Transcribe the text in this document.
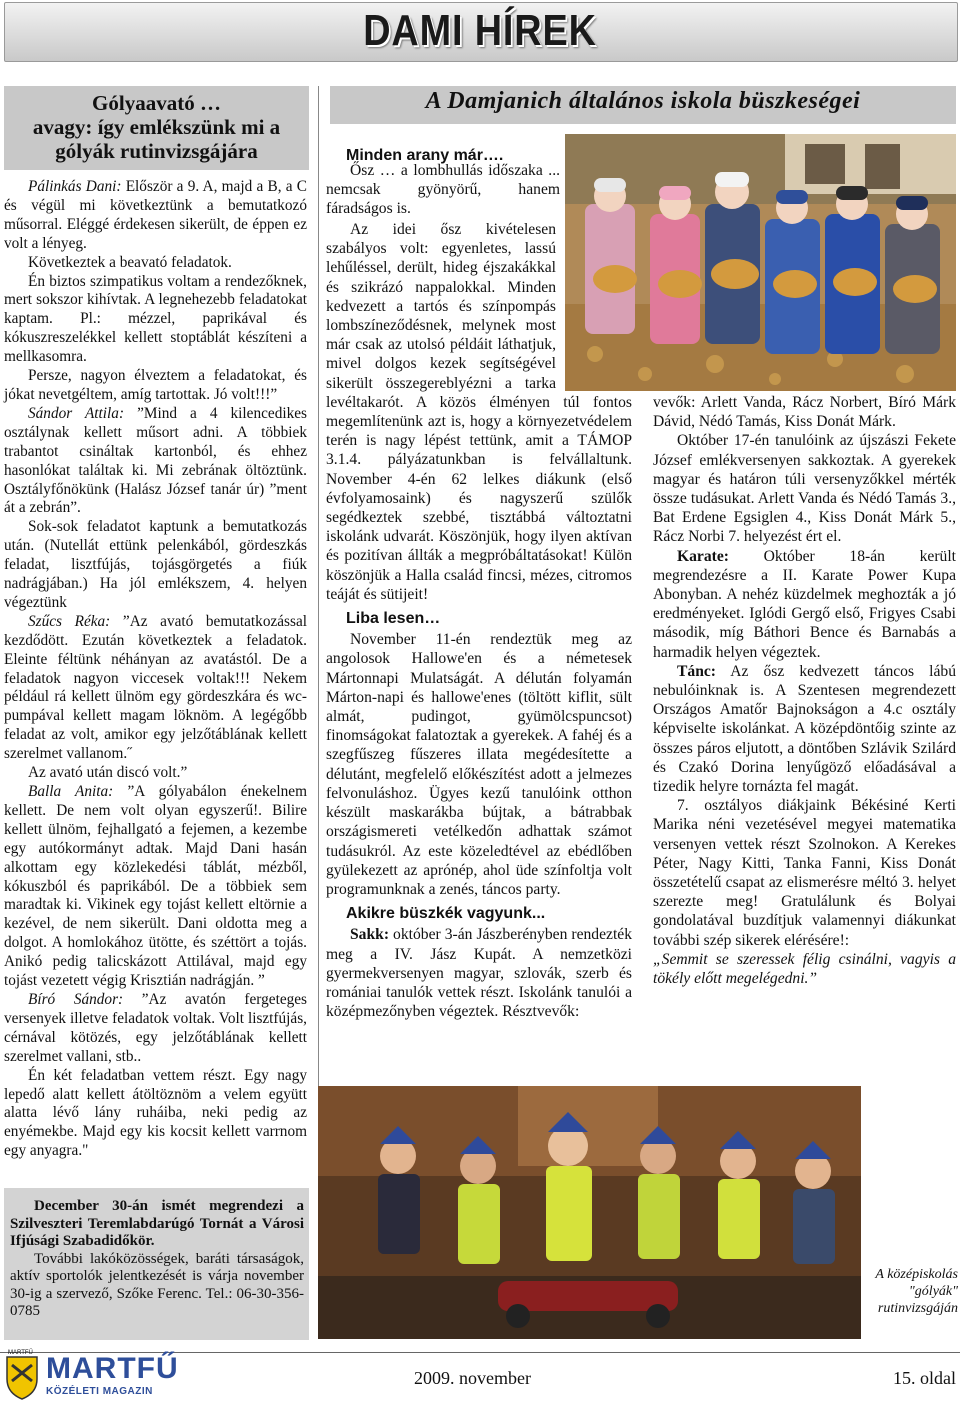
DAMI HÍREK
Gólyaavató …
avagy: így emlékszünk mi a
gólyák rutinvizsgájára

Pálinkás Dani: Először a 9. A, majd a B, a C és végül mi következtünk a bemutatkozó műsorral. Eléggé érdekesen sikerült, de éppen ez volt a lényeg.

Következtek a beavató feladatok.

Én biztos szimpatikus voltam a rendezőknek, mert sokszor kihívtak. A legnehezebb feladatokat kaptam. Pl.: mézzel, paprikával és kókuszreszelékkel kellett stoptáblát készíteni a mellkasomra.

Persze, nagyon élveztem a feladatokat, és jókat nevetgéltem, amíg tartottak. Jó volt!!!”

Sándor Attila: ”Mind a 4 kilencedikes osztálynak kellett műsort adni. A többiek trabantot csináltak kartonból, és ehhez hasonlókat találtak ki. Mi zebrának öltöztünk. Osztályfőnökünk (Halász József tanár úr) ”ment át a zebrán”.

Sok-sok feladatot kaptunk a bemutatkozás után. (Nutellát ettünk pelenkából, gördeszkás feladat, lisztfújás, tojásgörgetés a fiúk nadrágjában.) Ha jól emlékszem, 4. helyen végeztünk

Szűcs Réka: ”Az avató bemutatkozással kezdődött. Ezután következtek a feladatok. Eleinte féltünk néhányan az avatástól. De a feladatok nagyon viccesek voltak!!! Nekem például rá kellett ülnöm egy gördeszkára és wc-pumpával kellett magam löknöm. A legégőbb feladat az volt, amikor egy jelzőtáblának kellett szerelmet vallanom.˝

Az avató után discó volt.”

Balla Anita: ”A gólyabálon énekelnem kellett. De nem volt olyan egyszerű!. Bilire kellett ülnöm, fejhallgató a fejemen, a kezembe egy autókormányt adtak. Majd Dani hasán alkottam egy közlekedési táblát, mézből, kókuszból és paprikából. De a többiek sem maradtak ki. Vikinek egy tojást kellett eltörnie a kezével, de nem sikerült. Dani oldotta meg a dolgot. A homlokához ütötte, és széttört a tojás. Anikó pedig talicskázott Attilával, majd egy tojást vezetett végig Krisztián nadrágján. ”

Bíró Sándor: ”Az avatón fergeteges versenyek illetve feladatok voltak. Volt lisztfújás, cérnával kötözés, egy jelzőtáblának kellett szerelmet vallani, stb..

Én két feladatban vettem részt. Egy nagy lepedő alatt kellett átöltöznöm a velem együtt alatta lévő lány ruháiba, neki pedig az enyémekbe. Majd egy kis kocsit kellett varrnom egy anyagra."

December 30-án ismét megrendezi a Szilveszteri Teremlabdarúgó Tornát a Városi Ifjúsági Szabadidőkör.

További lakóközösségek, baráti társaságok, aktív sportolók jelentkezését is várja november 30-ig a szervező, Szőke Ferenc. Tel.: 06-30-356-0785

A Damjanich általános iskola büszkeségei

Minden arany már….

Ősz … a lombhullás időszaka ... nemcsak gyönyörű, hanem fáradságos is.

Az idei ősz kivételesen szabályos volt: egyenletes, lassú lehűléssel, derült, hideg éjszakákkal és szikrázó nappalokkal. Minden kedvezett a tartós és színpompás lombszíneződésnek, melynek most már csak az utolsó példáit láthatjuk, mivel dolgos kezek segítségével sikerült összegereblyézni a tarka levéltakarót. A közös élményen túl fontos megemlítenünk azt is, hogy a környezetvédelem terén is nagy lépést tettünk, amit a TÁMOP 3.1.4. pályázatunkban is felvállaltunk. November 4-én 62 lelkes diákunk (első évfolyamosaink) és nagyszerű szülők segédkeztek szebbé, tisztábbá változtatni iskolánk udvarát. Köszönjük, hogy ilyen aktívan és pozitívan állták a megpróbáltatásokat! Külön köszönjük a Halla család fincsi, mézes, citromos teáját és sütijeit!

Liba lesen…

November 11-én rendeztük meg az angolosok Hallowe'en és a németesek Mártonnapi Mulatságát. A délután folyamán Márton-napi és hallowe'enes (töltött kiflit, sült almát, pudingot, gyümölcspuncsot) finomságokat falatoztak a gyerekek. A fahéj és a szegfűszeg fűszeres illata megédesítette a délutánt, megfelelő előkészítést adott a jelmezes felvonuláshoz. Ügyes kezű tanulóink otthon készült maskarákba bújtak, a bátrabbak országismereti vetélkedőn adhattak számot tudásukról. Az este közeledtével az ebédlőben gyülekezett az aprónép, ahol üde színfoltja volt programunknak a zenés, táncos party.

Akikre büszkék vagyunk...

Sakk: október 3-án Jászberényben rendezték meg a IV. Jász Kupát. A nemzetközi gyermekversenyen magyar, szlovák, szerb és romániai tanulók vettek részt. Iskolánk tanulói a középmezőnyben végeztek. Résztvevők:

vevők: Arlett Vanda, Rácz Norbert, Bíró Márk Dávid, Nédó Tamás, Kiss Donát Márk.

Október 17-én tanulóink az újszászi Fekete József emlékversenyen sakkoztak. A gyerekek magyar és határon túli versenyzőkkel mérték össze tudásukat. Arlett Vanda és Nédó Tamás 3., Bat Erdene Egsiglen 4., Kiss Donát Márk 5., Rácz Norbi 7. helyezést ért el.

Karate: Október 18-án került megrendezésre a II. Karate Power Kupa Abonyban. A nehéz küzdelmek meghozták a jó eredményeket. Iglódi Gergő első, Frigyes Csabi második, míg Báthori Bence és Barnabás a harmadik helyen végeztek.

Tánc: Az ősz kedvezett táncos lábú nebulóinknak is. A Szentesen megrendezett Országos Amatőr Bajnokságon a 4.c osztály képviselte iskolánkat. A középdöntőig szinte az összes páros eljutott, a döntőben Szlávik Szilárd és Czakó Dorina lenyűgöző előadásával a tizedik helyre tornázta fel magát.

7. osztályos diákjaink Békésiné Kerti Marika néni vezetésével megyei matematika versenyen vettek részt Szolnokon. A Kerekes Péter, Nagy Kitti, Tanka Fanni, Kiss Donát összetételű csapat az elismerésre méltó 3. helyet szerezte meg! Gratulálunk és Bolyai gondolatával buzdítjuk valamennyi diákunkat további szép sikerek elérésére!:

„Semmit se szeressek félig csinálni, vagyis a tökély előtt megelégedni.”

A középiskolás "gólyák" rutinvizsgáján
MARTFŰ MARTFŰ
KÖZÉLETI MAGAZIN
2009. november	15. oldal
